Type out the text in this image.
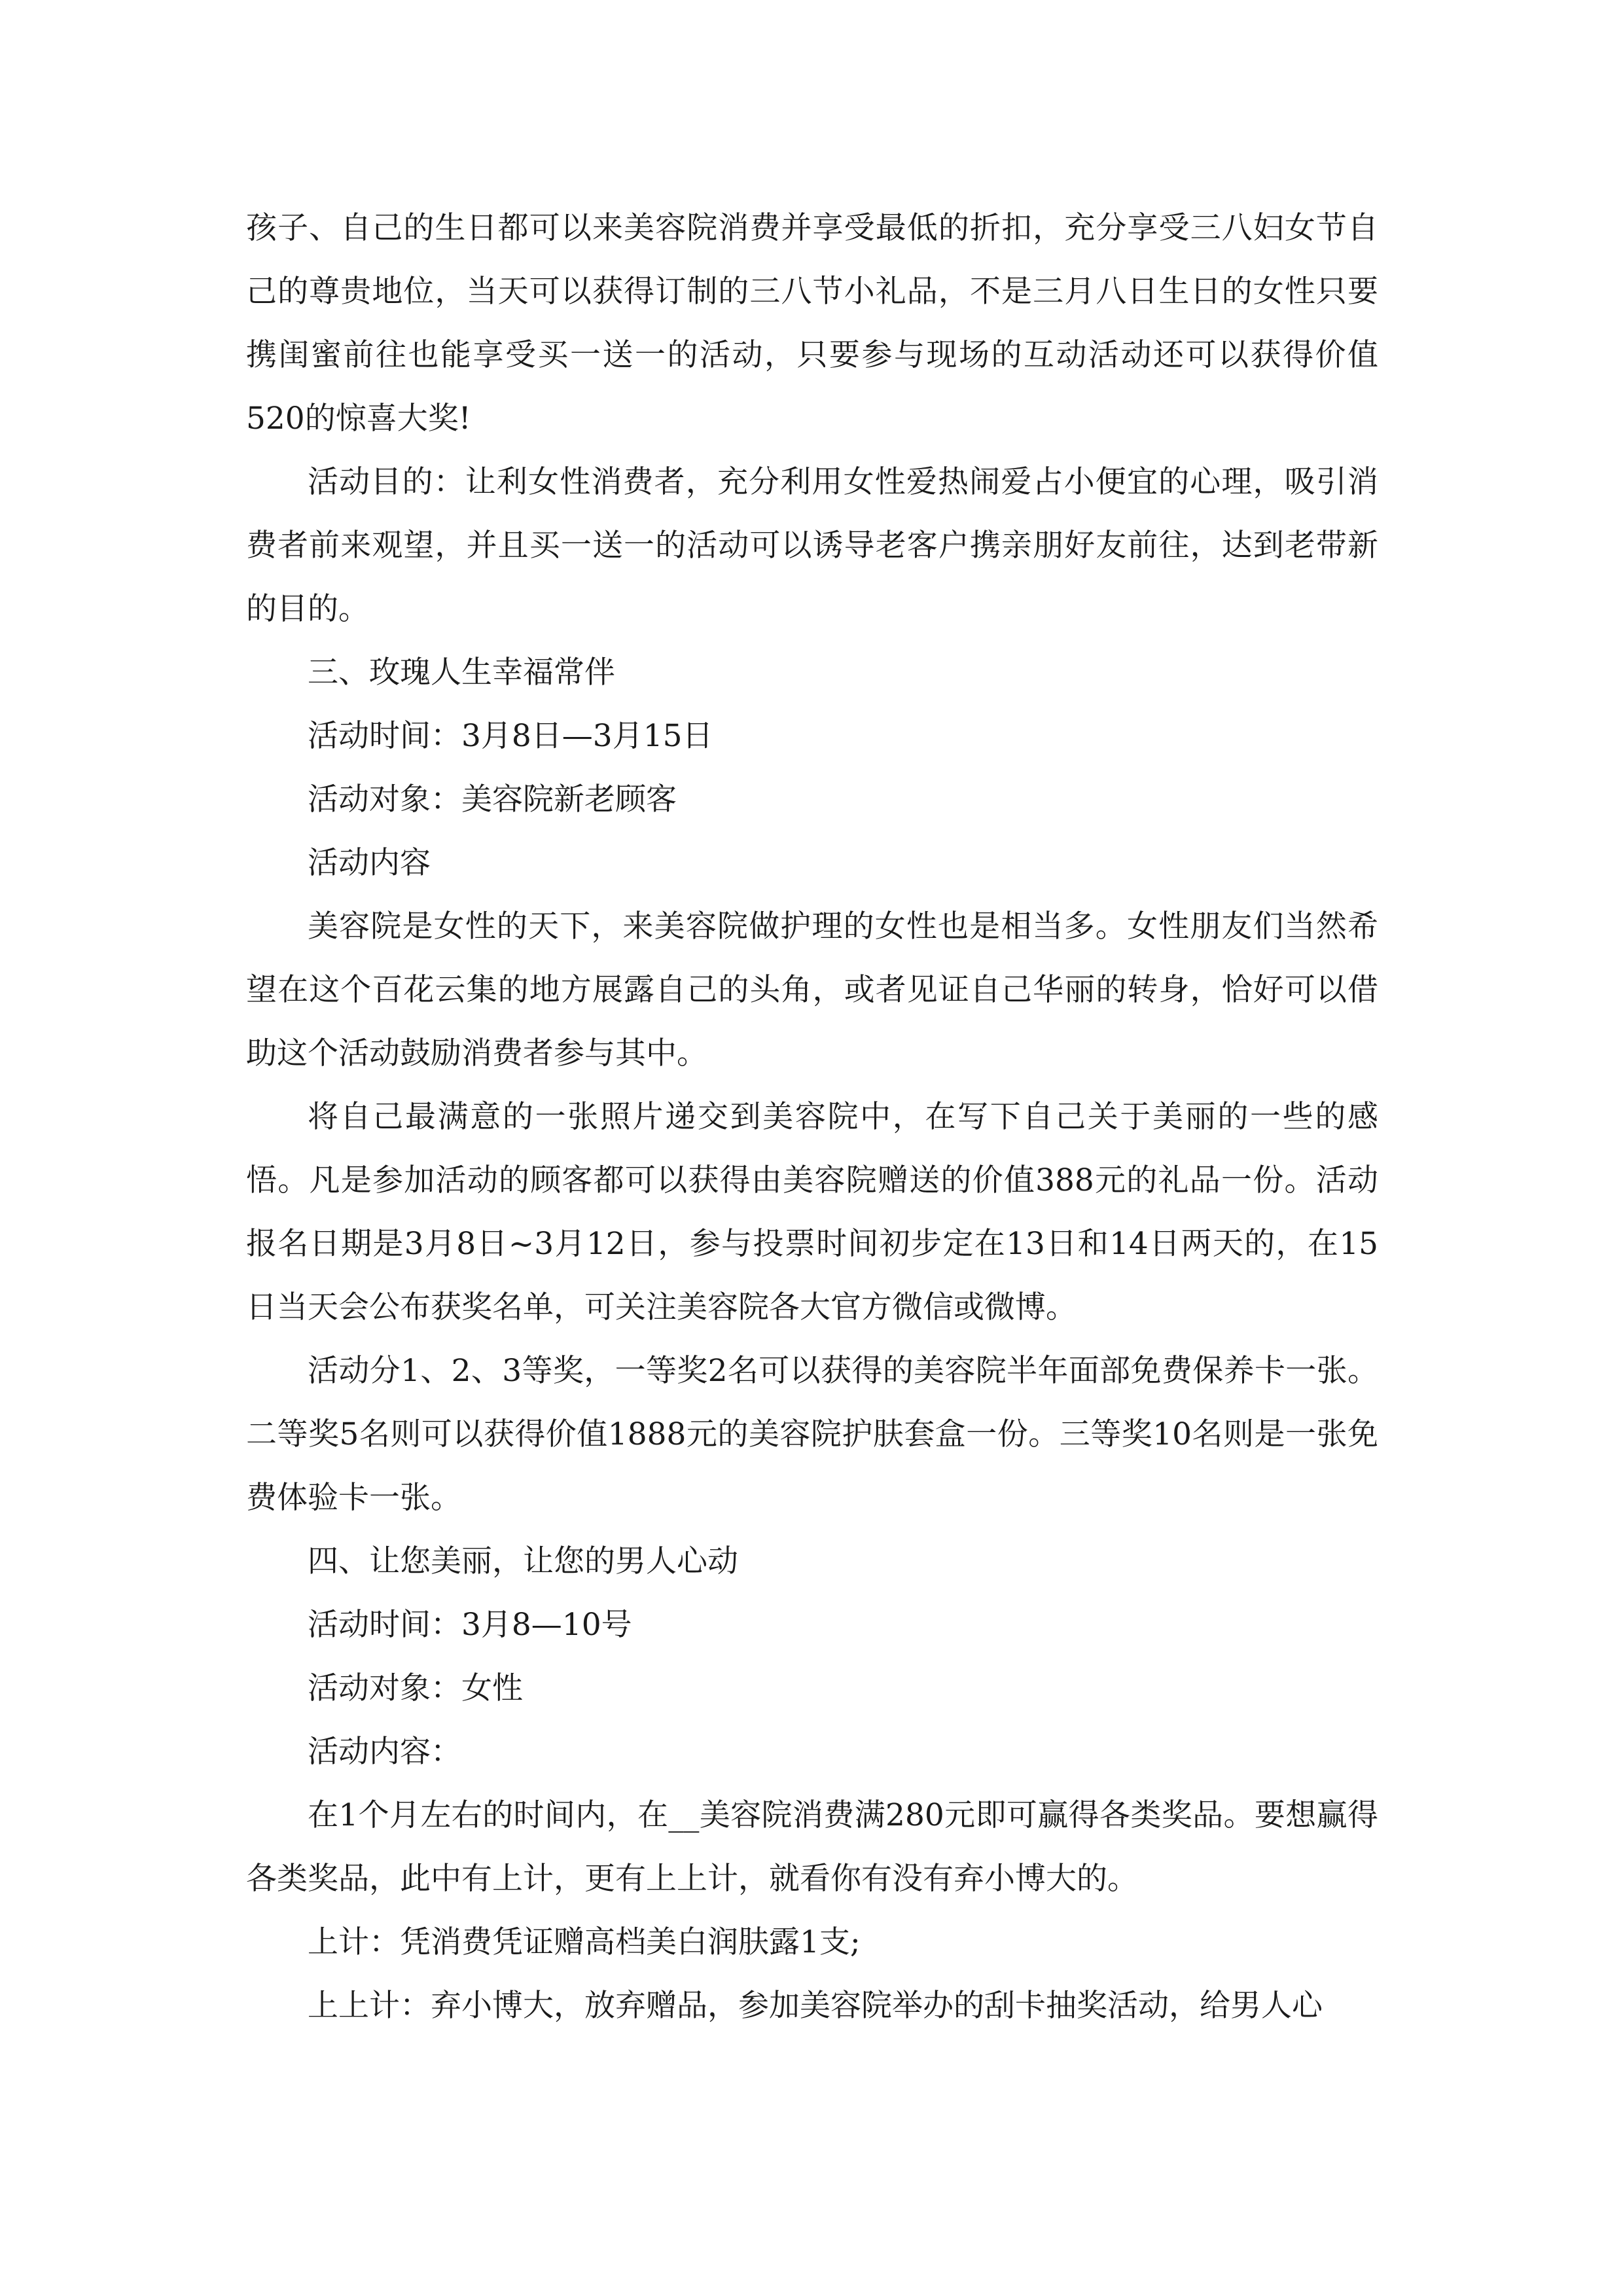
孩子、自己的生日都可以来美容院消费并享受最低的折扣，充分享受三八妇女节自己的尊贵地位，当天可以获得订制的三八节小礼品，不是三月八日生日的女性只要携闺蜜前往也能享受买一送一的活动，只要参与现场的互动活动还可以获得价值520的惊喜大奖!

活动目的：让利女性消费者，充分利用女性爱热闹爱占小便宜的心理，吸引消费者前来观望，并且买一送一的活动可以诱导老客户携亲朋好友前往，达到老带新的目的。

三、玫瑰人生幸福常伴

活动时间：3月8日—3月15日

活动对象：美容院新老顾客

活动内容

美容院是女性的天下，来美容院做护理的女性也是相当多。女性朋友们当然希望在这个百花云集的地方展露自己的头角，或者见证自己华丽的转身，恰好可以借助这个活动鼓励消费者参与其中。

将自己最满意的一张照片递交到美容院中，在写下自己关于美丽的一些的感悟。凡是参加活动的顾客都可以获得由美容院赠送的价值388元的礼品一份。活动报名日期是3月8日~3月12日，参与投票时间初步定在13日和14日两天的，在15日当天会公布获奖名单，可关注美容院各大官方微信或微博。

活动分1、2、3等奖，一等奖2名可以获得的美容院半年面部免费保养卡一张。二等奖5名则可以获得价值1888元的美容院护肤套盒一份。三等奖10名则是一张免费体验卡一张。

四、让您美丽，让您的男人心动

活动时间：3月8—10号

活动对象：女性

活动内容：

在1个月左右的时间内，在__美容院消费满280元即可赢得各类奖品。要想赢得各类奖品，此中有上计，更有上上计，就看你有没有弃小博大的。

上计：凭消费凭证赠高档美白润肤露1支;

上上计：弃小博大，放弃赠品，参加美容院举办的刮卡抽奖活动，给男人心
